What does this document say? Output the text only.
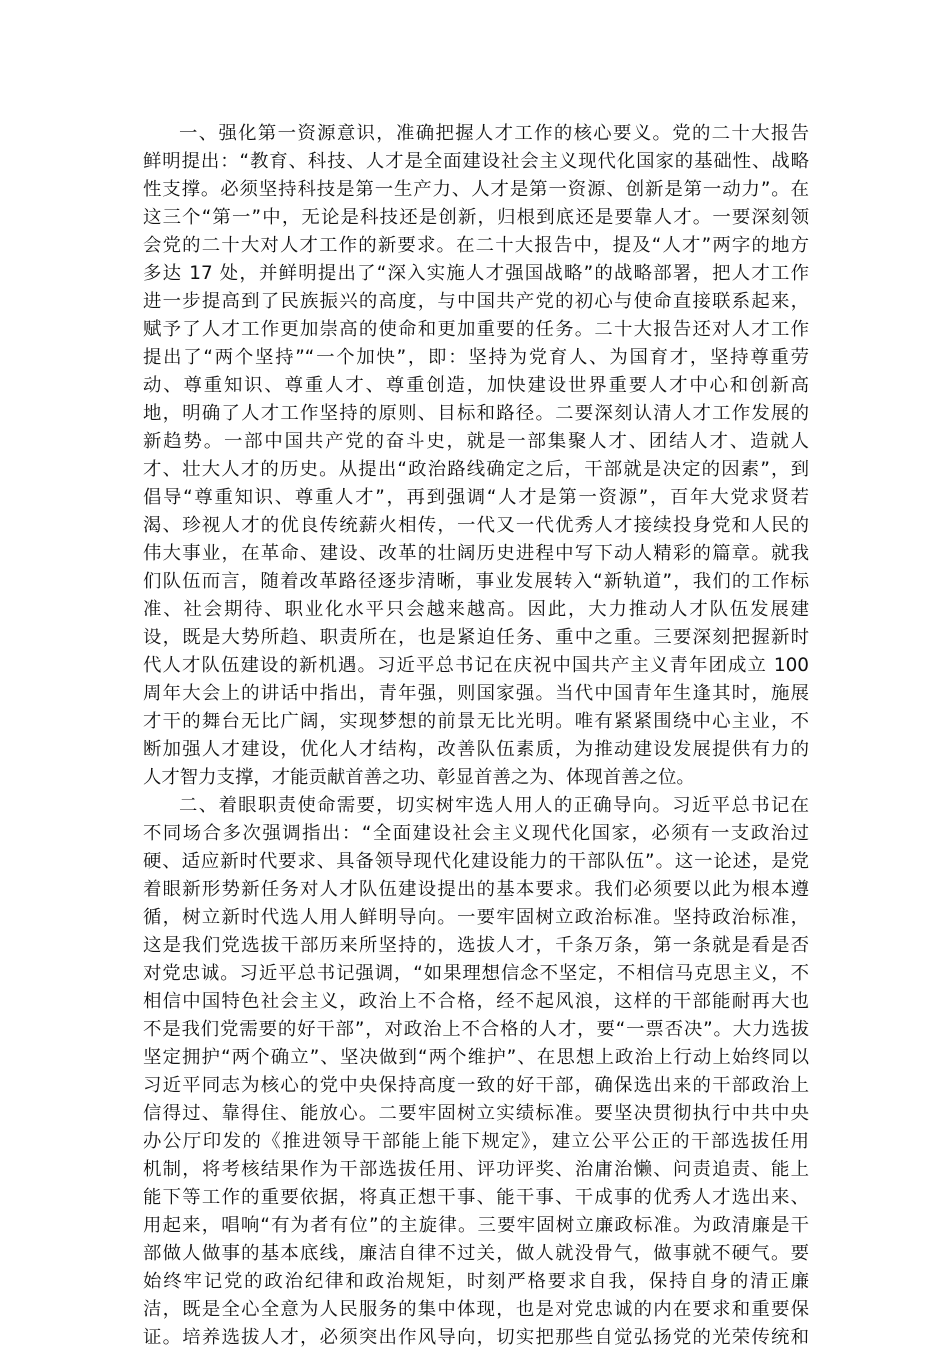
一、强化第一资源意识，准确把握人才工作的核心要义。党的二十大报告
鲜明提出：“教育、科技、人才是全面建设社会主义现代化国家的基础性、战略
性支撑。必须坚持科技是第一生产力、人才是第一资源、创新是第一动力”。在
这三个“第一”中，无论是科技还是创新，归根到底还是要靠人才。一要深刻领
会党的二十大对人才工作的新要求。在二十大报告中，提及“人才”两字的地方
多达 17 处，并鲜明提出了“深入实施人才强国战略”的战略部署，把人才工作
进一步提高到了民族振兴的高度，与中国共产党的初心与使命直接联系起来，
赋予了人才工作更加崇高的使命和更加重要的任务。二十大报告还对人才工作
提出了“两个坚持”“一个加快”，即：坚持为党育人、为国育才，坚持尊重劳
动、尊重知识、尊重人才、尊重创造，加快建设世界重要人才中心和创新高
地，明确了人才工作坚持的原则、目标和路径。二要深刻认清人才工作发展的
新趋势。一部中国共产党的奋斗史，就是一部集聚人才、团结人才、造就人
才、壮大人才的历史。从提出“政治路线确定之后，干部就是决定的因素”，到
倡导“尊重知识、尊重人才”，再到强调“人才是第一资源”，百年大党求贤若
渴、珍视人才的优良传统薪火相传，一代又一代优秀人才接续投身党和人民的
伟大事业，在革命、建设、改革的壮阔历史进程中写下动人精彩的篇章。就我
们队伍而言，随着改革路径逐步清晰，事业发展转入“新轨道”，我们的工作标
准、社会期待、职业化水平只会越来越高。因此，大力推动人才队伍发展建
设，既是大势所趋、职责所在，也是紧迫任务、重中之重。三要深刻把握新时
代人才队伍建设的新机遇。习近平总书记在庆祝中国共产主义青年团成立 100
周年大会上的讲话中指出，青年强，则国家强。当代中国青年生逢其时，施展
才干的舞台无比广阔，实现梦想的前景无比光明。唯有紧紧围绕中心主业，不
断加强人才建设，优化人才结构，改善队伍素质，为推动建设发展提供有力的
人才智力支撑，才能贡献首善之功、彰显首善之为、体现首善之位。
二、着眼职责使命需要，切实树牢选人用人的正确导向。习近平总书记在
不同场合多次强调指出：“全面建设社会主义现代化国家，必须有一支政治过
硬、适应新时代要求、具备领导现代化建设能力的干部队伍”。这一论述，是党
着眼新形势新任务对人才队伍建设提出的基本要求。我们必须要以此为根本遵
循，树立新时代选人用人鲜明导向。一要牢固树立政治标准。坚持政治标准，
这是我们党选拔干部历来所坚持的，选拔人才，千条万条，第一条就是看是否
对党忠诚。习近平总书记强调，“如果理想信念不坚定，不相信马克思主义，不
相信中国特色社会主义，政治上不合格，经不起风浪，这样的干部能耐再大也
不是我们党需要的好干部”，对政治上不合格的人才，要“一票否决”。大力选拔
坚定拥护“两个确立”、坚决做到“两个维护”、在思想上政治上行动上始终同以
习近平同志为核心的党中央保持高度一致的好干部，确保选出来的干部政治上
信得过、靠得住、能放心。二要牢固树立实绩标准。要坚决贯彻执行中共中央
办公厅印发的《推进领导干部能上能下规定》，建立公平公正的干部选拔任用
机制，将考核结果作为干部选拔任用、评功评奖、治庸治懒、问责追责、能上
能下等工作的重要依据，将真正想干事、能干事、干成事的优秀人才选出来、
用起来，唱响“有为者有位”的主旋律。三要牢固树立廉政标准。为政清廉是干
部做人做事的基本底线，廉洁自律不过关，做人就没骨气，做事就不硬气。要
始终牢记党的政治纪律和政治规矩，时刻严格要求自我，保持自身的清正廉
洁，既是全心全意为人民服务的集中体现，也是对党忠诚的内在要求和重要保
证。培养选拔人才，必须突出作风导向，切实把那些自觉弘扬党的光荣传统和
